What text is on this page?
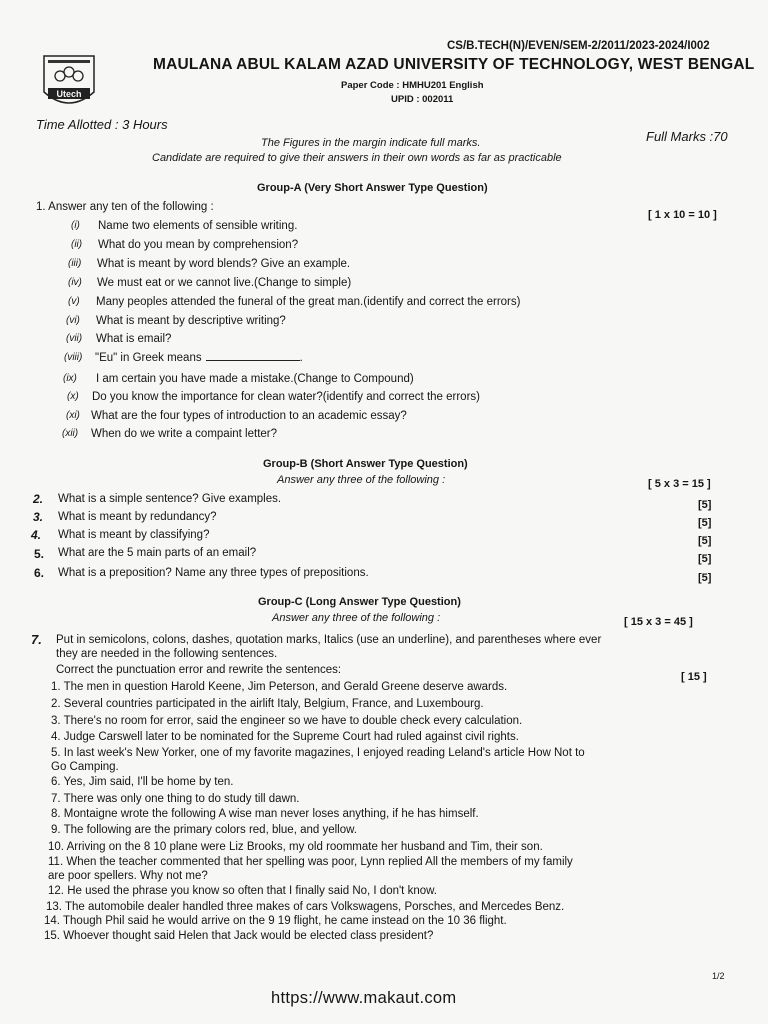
CS/B.TECH(N)/EVEN/SEM-2/2011/2023-2024/I002
Utech
MAULANA ABUL KALAM AZAD UNIVERSITY OF TECHNOLOGY, WEST BENGAL
Paper Code : HMHU201 English
UPID : 002011
Time Allotted : 3 Hours
Full Marks :70
The Figures in the margin indicate full marks.
Candidate are required to give their answers in their own words as far as practicable
Group-A (Very Short Answer Type Question)
1. Answer any ten of the following :
[ 1 x 10 = 10 ]
(i) Name two elements of sensible writing.
(ii) What do you mean by comprehension?
(iii) What is meant by word blends? Give an example.
(iv) We must eat or we cannot live.(Change to simple)
(v) Many peoples attended the funeral of the great man.(identify and correct the errors)
(vi) What is meant by descriptive writing?
(vii) What is email?
(viii) "Eu" in Greek means	.
(ix) I am certain you have made a mistake.(Change to Compound)
(x) Do you know the importance for clean water?(identify and correct the errors)
(xi) What are the four types of introduction to an academic essay?
(xii) When do we write a compaint letter?
Group-B (Short Answer Type Question)
Answer any three of the following :	[ 5 x 3 = 15 ]
2. What is a simple sentence? Give examples.	[5]
3. What is meant by redundancy?	[5]
4. What is meant by classifying?	[5]
5. What are the 5 main parts of an email?	[5]
6. What is a preposition? Name any three types of prepositions.	[5]
Group-C (Long Answer Type Question)
Answer any three of the following :	[ 15 x 3 = 45 ]
7. Put in semicolons, colons, dashes, quotation marks, Italics (use an underline), and parentheses where ever
they are needed in the following sentences.
Correct the punctuation error and rewrite the sentences:
[ 15 ]
1. The men in question Harold Keene, Jim Peterson, and Gerald Greene deserve awards.
2. Several countries participated in the airlift Italy, Belgium, France, and Luxembourg.
3. There's no room for error, said the engineer so we have to double check every calculation.
4. Judge Carswell later to be nominated for the Supreme Court had ruled against civil rights.
5. In last week's New Yorker, one of my favorite magazines, I enjoyed reading Leland's article How Not to
Go Camping.
6. Yes, Jim said, I'll be home by ten.
7. There was only one thing to do study till dawn.
8. Montaigne wrote the following A wise man never loses anything, if he has himself.
9. The following are the primary colors red, blue, and yellow.
10. Arriving on the 8 10 plane were Liz Brooks, my old roommate her husband and Tim, their son.
11. When the teacher commented that her spelling was poor, Lynn replied All the members of my family
are poor spellers. Why not me?
12. He used the phrase you know so often that I finally said No, I don't know.
13. The automobile dealer handled three makes of cars Volkswagens, Porsches, and Mercedes Benz.
14. Though Phil said he would arrive on the 9 19 flight, he came instead on the 10 36 flight.
15. Whoever thought said Helen that Jack would be elected class president?
1/2
https://www.makaut.com
